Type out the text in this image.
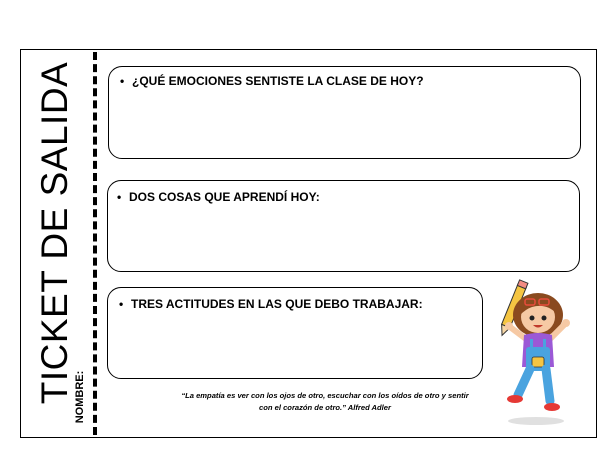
TICKET DE SALIDA NOMBRE:
• ¿QUÉ EMOCIONES SENTISTE LA CLASE DE HOY?
• DOS COSAS QUE APRENDÍ HOY:
• TRES ACTITUDES EN LAS QUE DEBO TRABAJAR:
“La empatía es ver con los ojos de otro, escuchar con los oídos de otro y sentir
con el corazón de otro.” Alfred Adler
